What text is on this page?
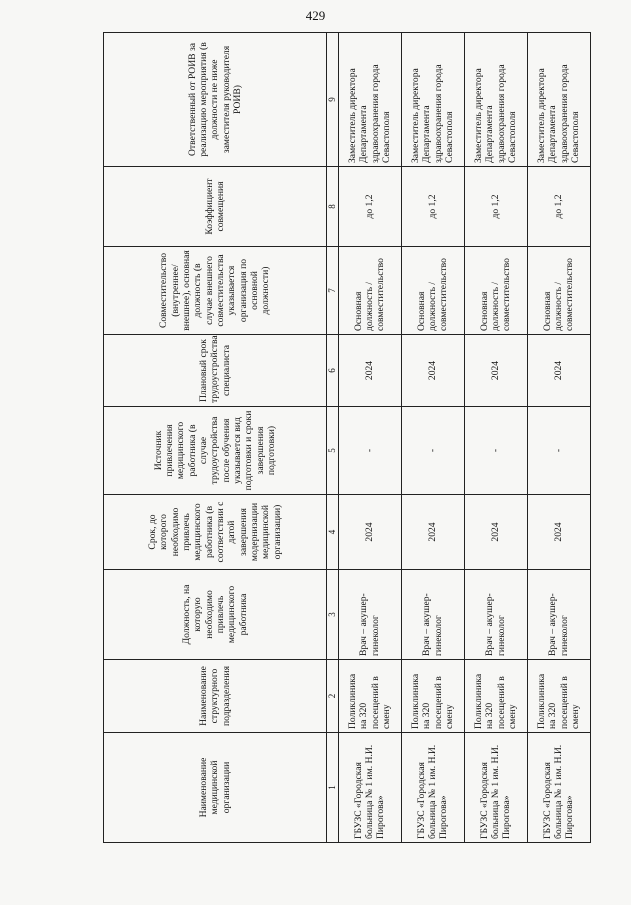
429
Наименование медицинской организации	Наименование структурного подразделения	Должность, на которую необходимо привлечь медицинского работника	Срок, до которого необходимо привлечь медицинского работника (в соответствии с датой завершения модернизации медицинской организации)	Источник привлечения медицинского работника (в случае трудоустройства после обучения указывается вид подготовки и сроки завершения подготовки)	Плановый срок трудоустройства специалиста	Совместительство (внутреннее/внешнее), основная должность (в случае внешнего совместительства указывается организация по основной должности)	Коэффициент совмещения	Ответственный от РОИВ за реализацию мероприятия (в должности не ниже заместителя руководителя РОИВ)
1	2	3	4	5	6	7	8	9
ГБУЗС «Городская больница № 1 им. Н.И. Пирогова»	Поликлиника на 320 посещений в смену	Врач – акушер-гинеколог	2024	-	2024	Основная должность / совместительство	до 1,2	Заместитель директора Департамента здравоохранения города Севастополя
ГБУЗС «Городская больница № 1 им. Н.И. Пирогова»	Поликлиника на 320 посещений в смену	Врач – акушер-гинеколог	2024	-	2024	Основная должность / совместительство	до 1,2	Заместитель директора Департамента здравоохранения города Севастополя
ГБУЗС «Городская больница № 1 им. Н.И. Пирогова»	Поликлиника на 320 посещений в смену	Врач – акушер-гинеколог	2024	-	2024	Основная должность / совместительство	до 1,2	Заместитель директора Департамента здравоохранения города Севастополя
ГБУЗС «Городская больница № 1 им. Н.И. Пирогова»	Поликлиника на 320 посещений в смену	Врач – акушер-гинеколог	2024	-	2024	Основная должность / совместительство	до 1,2	Заместитель директора Департамента здравоохранения города Севастополя
